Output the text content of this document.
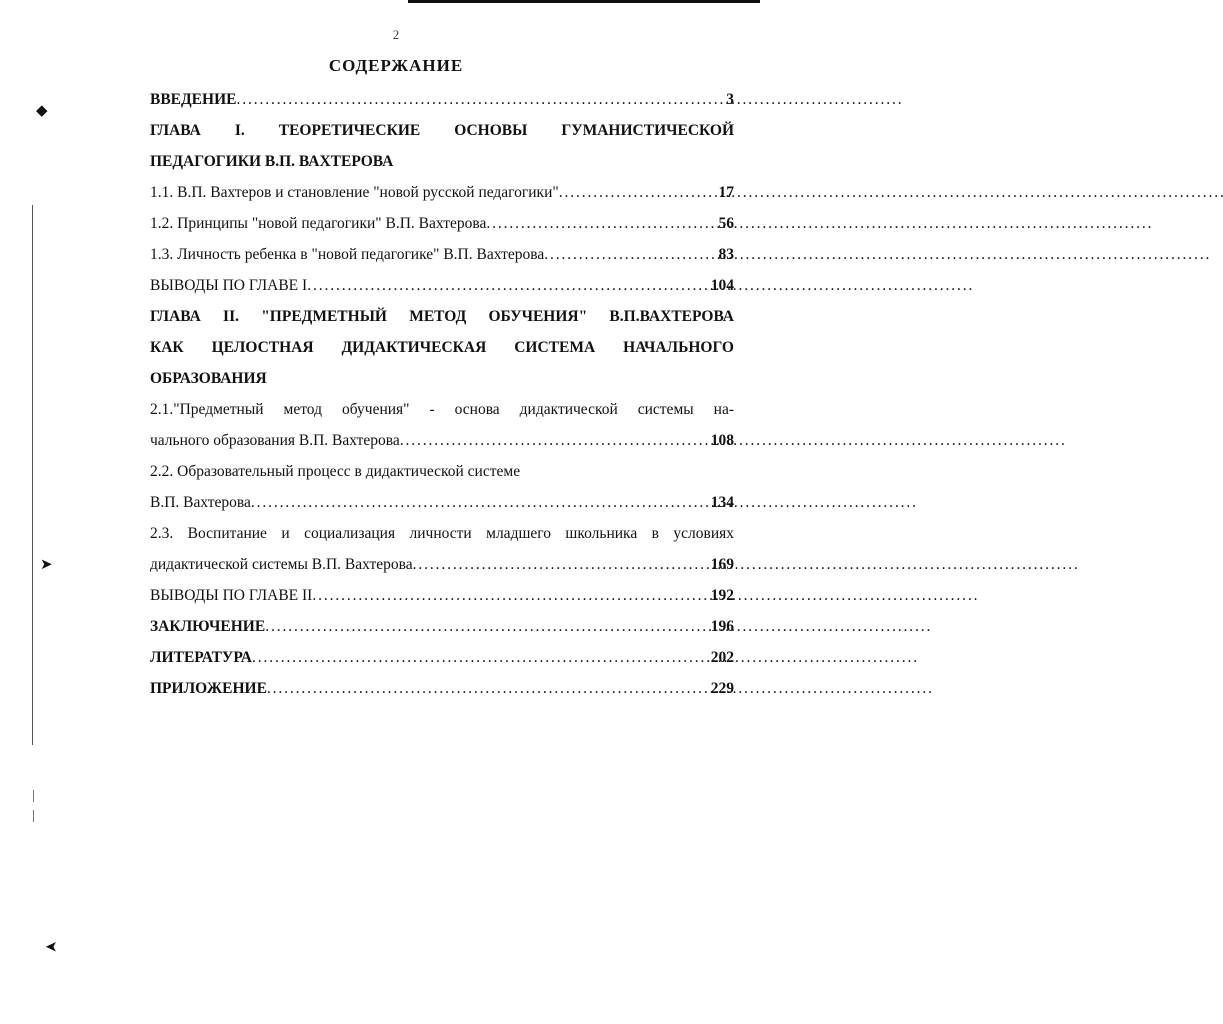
◆
➤
➤
2
СОДЕРЖАНИЕ
ВВЕДЕНИЕ . . .	3
ГЛАВА I. ТЕОРЕТИЧЕСКИЕ ОСНОВЫ ГУМАНИСТИЧЕСКОЙ
ПЕДАГОГИКИ В.П. ВАХТЕРОВА
1.1. В.П. Вахтеров и становление "новой русской педагогики" . . .	17
1.2. Принципы "новой педагогики" В.П. Вахтерова . . .	56
1.3. Личность ребенка в "новой педагогике" В.П. Вахтерова . . .	83
ВЫВОДЫ ПО ГЛАВЕ I . . .	104
ГЛАВА II. "ПРЕДМЕТНЫЙ МЕТОД ОБУЧЕНИЯ" В.П.ВАХТЕРОВА
КАК ЦЕЛОСТНАЯ ДИДАКТИЧЕСКАЯ СИСТЕМА НАЧАЛЬНОГО
ОБРАЗОВАНИЯ
2.1."Предметный метод обучения" - основа дидактической системы на-
чального образования В.П. Вахтерова . . .	108
2.2. Образовательный процесс в дидактической системе
В.П. Вахтерова . . .	134
2.3. Воспитание и социализация личности младшего школьника в условиях
дидактической системы В.П. Вахтерова . . .	169
ВЫВОДЫ ПО ГЛАВЕ II . . .	192
ЗАКЛЮЧЕНИЕ . . .	196
ЛИТЕРАТУРА . . .	202
ПРИЛОЖЕНИЕ . . .	229
